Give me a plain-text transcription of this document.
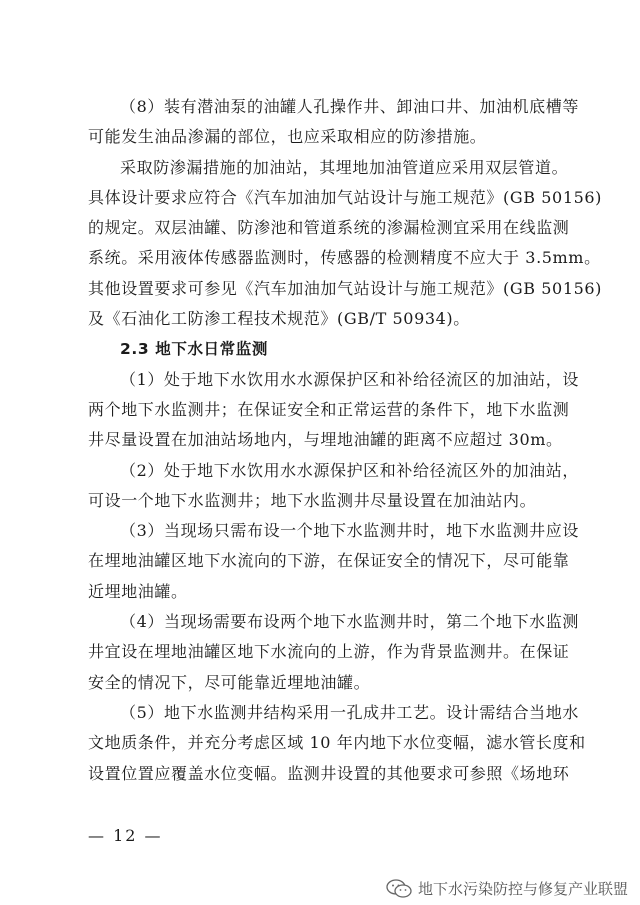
（8）装有潜油泵的油罐人孔操作井、卸油口井、加油机底槽等
可能发生油品渗漏的部位，也应采取相应的防渗措施。
采取防渗漏措施的加油站，其埋地加油管道应采用双层管道。
具体设计要求应符合《汽车加油加气站设计与施工规范》(GB 50156)
的规定。双层油罐、防渗池和管道系统的渗漏检测宜采用在线监测
系统。采用液体传感器监测时，传感器的检测精度不应大于 3.5mm。
其他设置要求可参见《汽车加油加气站设计与施工规范》(GB 50156)
及《石油化工防渗工程技术规范》(GB/T 50934)。
2.3 地下水日常监测
（1）处于地下水饮用水水源保护区和补给径流区的加油站，设
两个地下水监测井；在保证安全和正常运营的条件下，地下水监测
井尽量设置在加油站场地内，与埋地油罐的距离不应超过 30m。
（2）处于地下水饮用水水源保护区和补给径流区外的加油站，
可设一个地下水监测井；地下水监测井尽量设置在加油站内。
（3）当现场只需布设一个地下水监测井时，地下水监测井应设
在埋地油罐区地下水流向的下游，在保证安全的情况下，尽可能靠
近埋地油罐。
（4）当现场需要布设两个地下水监测井时，第二个地下水监测
井宜设在埋地油罐区地下水流向的上游，作为背景监测井。在保证
安全的情况下，尽可能靠近埋地油罐。
（5）地下水监测井结构采用一孔成井工艺。设计需结合当地水
文地质条件，并充分考虑区域 10 年内地下水位变幅，滤水管长度和
设置位置应覆盖水位变幅。监测井设置的其他要求可参照《场地环
— 12 —
地下水污染防控与修复产业联盟
